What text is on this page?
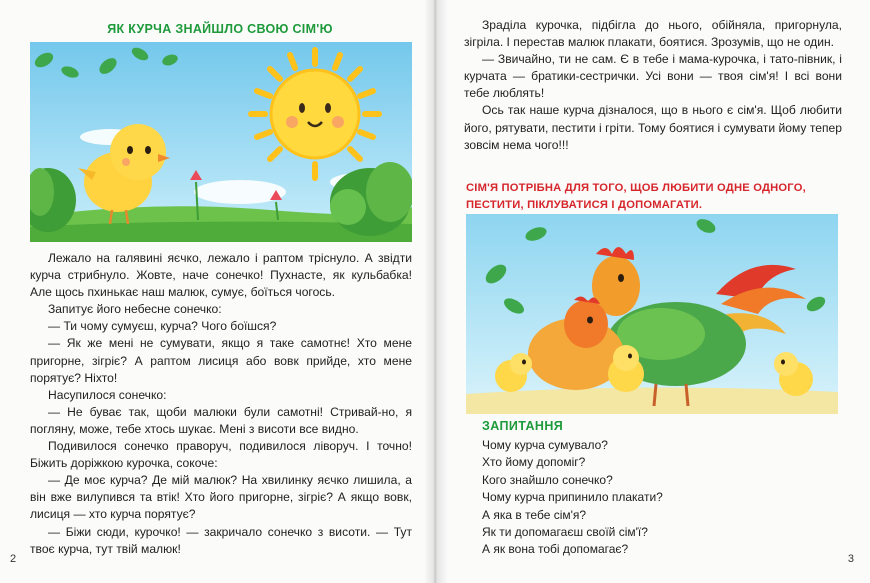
ЯК КУРЧА ЗНАЙШЛО СВОЮ СІМ'Ю

Лежало на галявині яєчко, лежало і раптом тріснуло. А звідти курча стрибнуло. Жовте, наче сонечко! Пухнасте, як кульбабка! Але щось пхинькає наш малюк, сумує, боїться чогось.

Запитує його небесне сонечко:

— Ти чому сумуєш, курча? Чого боїшся?

— Як же мені не сумувати, якщо я таке самотнє! Хто мене пригорне, зігріє? А раптом лисиця або вовк прийде, хто мене порятує? Ніхто!

Насупилося сонечко:

— Не буває так, щоби малюки були самотні! Стривай-но, я погляну, може, тебе хтось шукає. Мені з висоти все видно.

Подивилося сонечко праворуч, подивилося ліворуч. І точно! Біжить доріжкою курочка, сокоче:

— Де моє курча? Де мій малюк? На хвилинку яєчко лишила, а він вже вилупився та втік! Хто його пригорне, зігріє? А якщо вовк, лисиця — хто курча порятує?

— Біжи сюди, курочко! — закричало сонечко з висоти. — Тут твоє курча, тут твій малюк!

2

Зраділа курочка, підбігла до нього, обійняла, пригорнула, зігріла. І перестав малюк плакати, боятися. Зрозумів, що не один.

— Звичайно, ти не сам. Є в тебе і мама-курочка, і тато-півник, і курчата — братики-сестрички. Усі вони — твоя сім'я! І всі вони тебе люблять!

Ось так наше курча дізналося, що в нього є сім'я. Щоб любити його, рятувати, пестити і гріти. Тому боятися і сумувати йому тепер зовсім нема чого!!!

СІМ'Я ПОТРІБНА ДЛЯ ТОГО, ЩОБ ЛЮБИТИ ОДНЕ ОДНОГО, ПЕСТИТИ, ПІКЛУВАТИСЯ І ДОПОМАГАТИ.
ЗАПИТАННЯ
Чому курча сумувало?
Хто йому допоміг?
Кого знайшло сонечко?
Чому курча припинило плакати?
А яка в тебе сім'я?
Як ти допомагаєш своїй сім'ї?
А як вона тобі допомагає?
3
